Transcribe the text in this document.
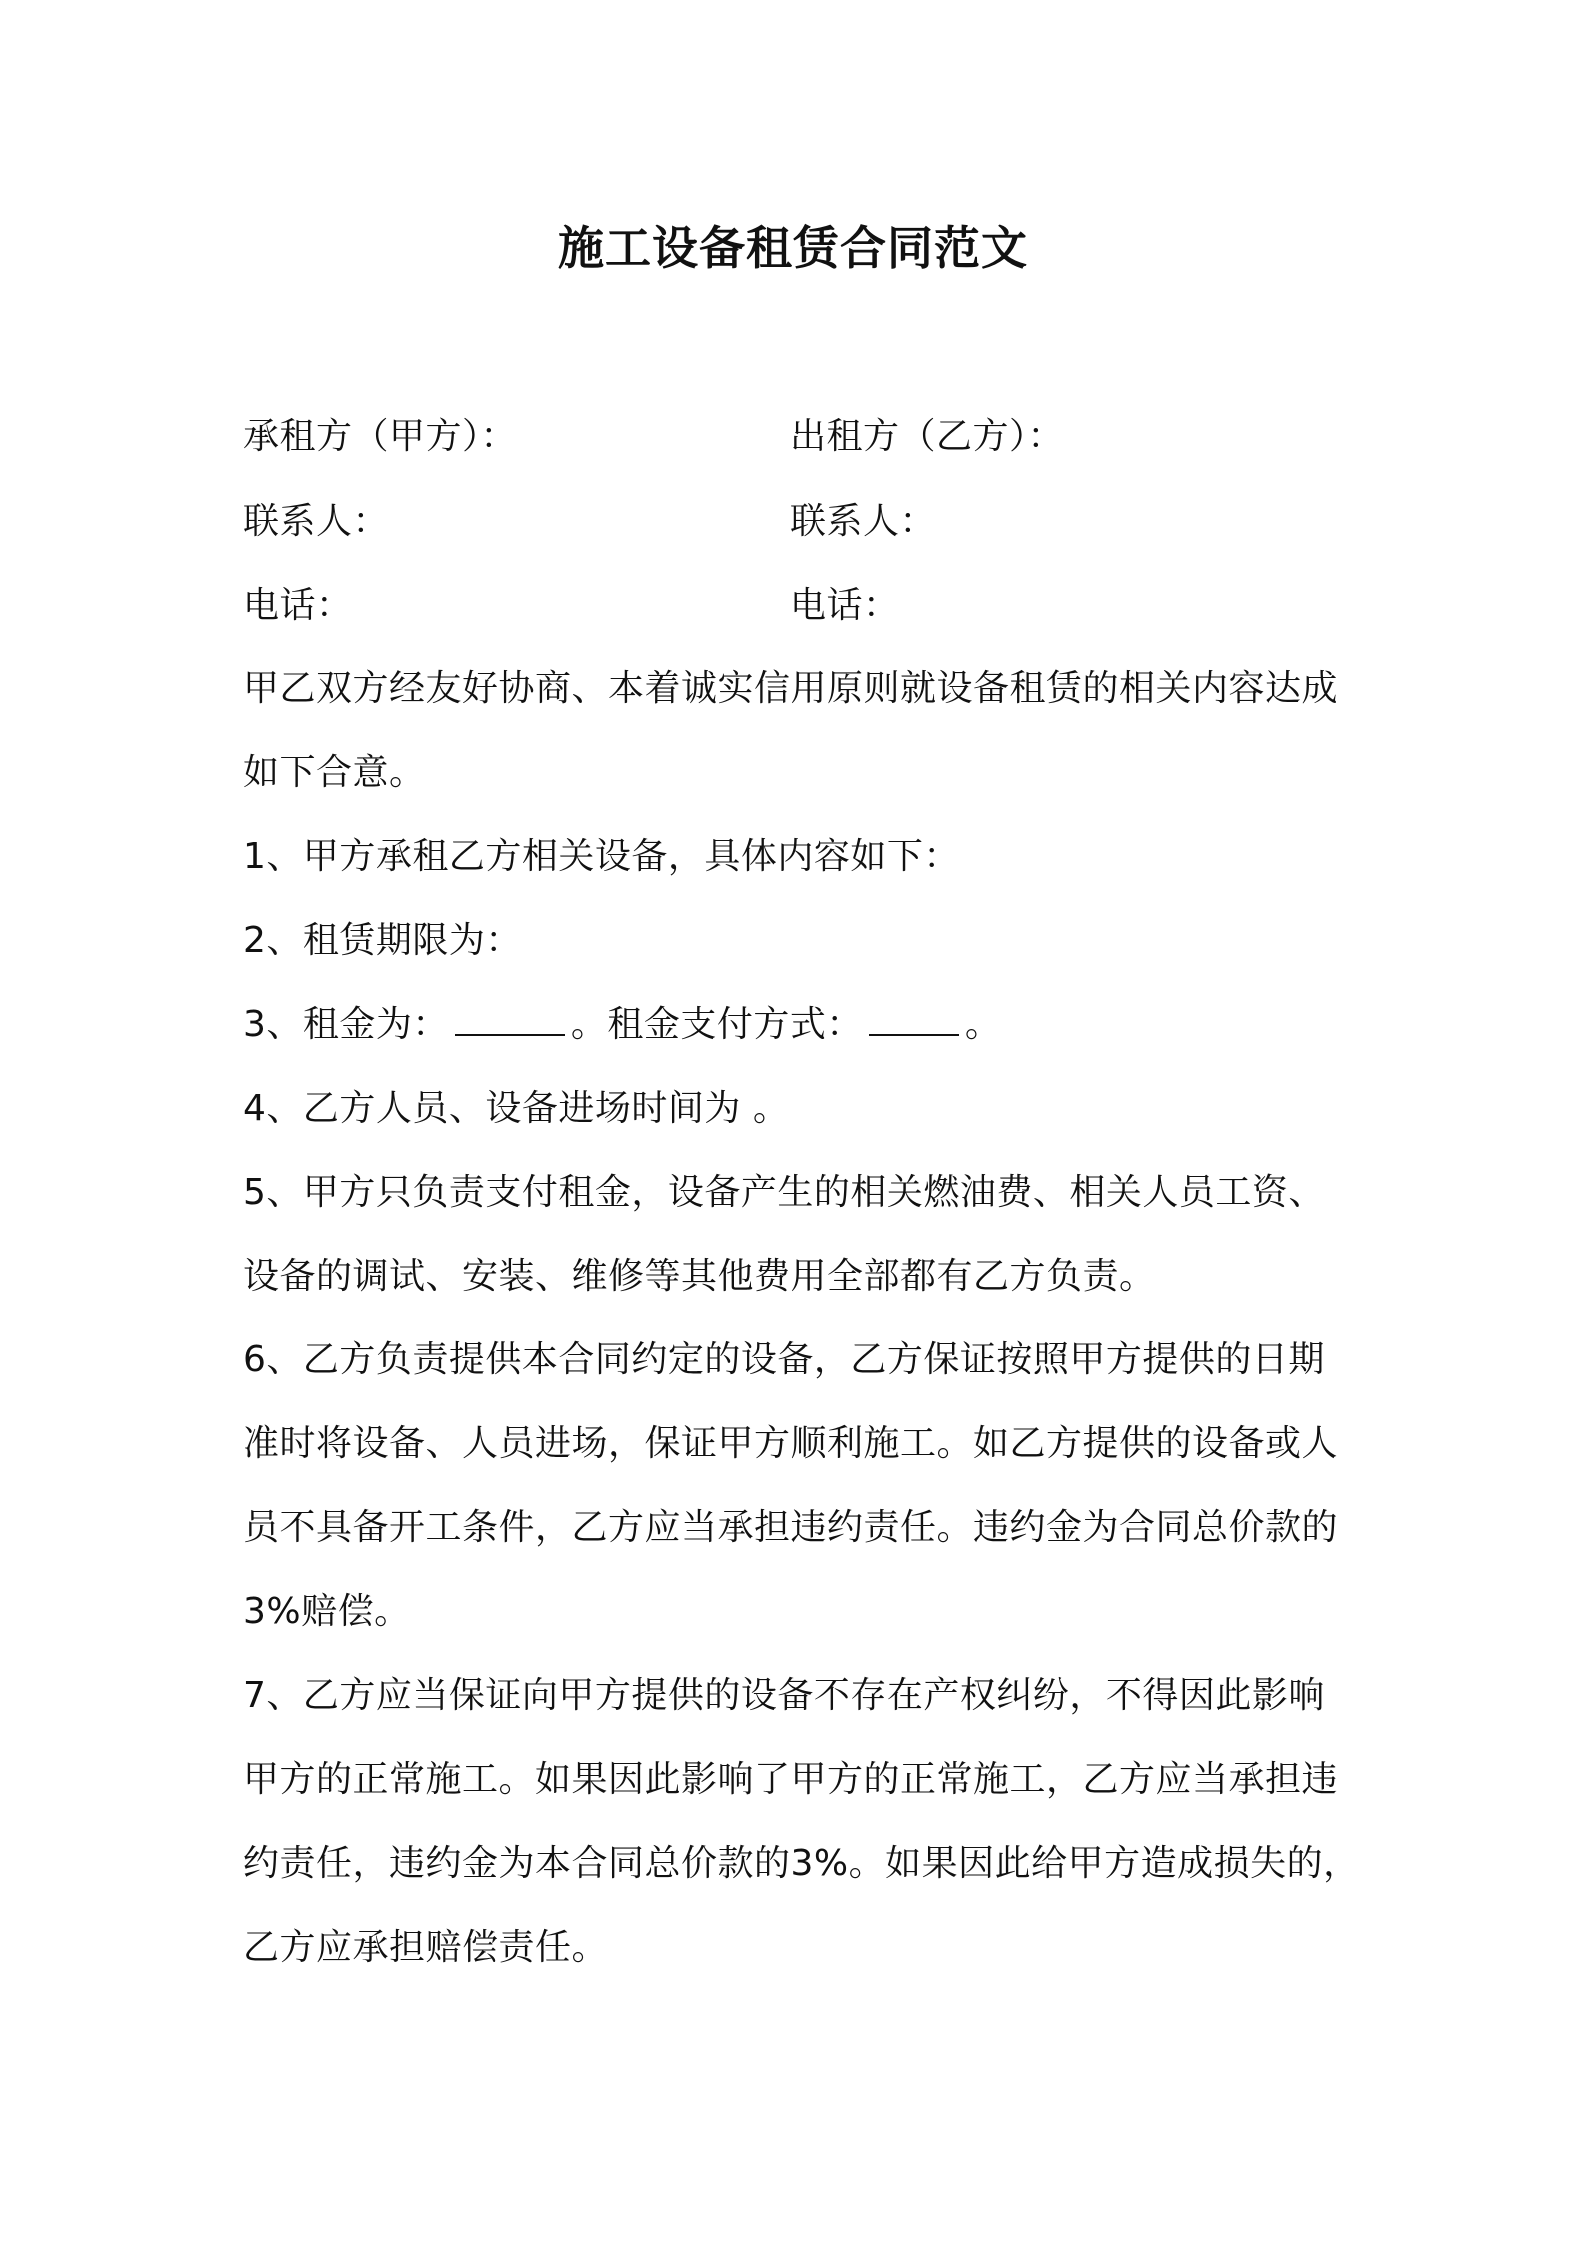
施工设备租赁合同范文
承租方（甲方）：	出租方（乙方）：
联系人：	联系人：
电话：	电话：
甲乙双方经友好协商、本着诚实信用原则就设备租赁的相关内容达成
如下合意。
1、甲方承租乙方相关设备，具体内容如下：
2、租赁期限为：
3、租金为：	。租金支付方式：	。
4、乙方人员、设备进场时间为 。
5、甲方只负责支付租金，设备产生的相关燃油费、相关人员工资、
设备的调试、安装、维修等其他费用全部都有乙方负责。
6、乙方负责提供本合同约定的设备，乙方保证按照甲方提供的日期
准时将设备、人员进场，保证甲方顺利施工。如乙方提供的设备或人
员不具备开工条件，乙方应当承担违约责任。违约金为合同总价款的
3%赔偿。
7、乙方应当保证向甲方提供的设备不存在产权纠纷，不得因此影响
甲方的正常施工。如果因此影响了甲方的正常施工，乙方应当承担违
约责任，违约金为本合同总价款的3%。如果因此给甲方造成损失的，
乙方应承担赔偿责任。
